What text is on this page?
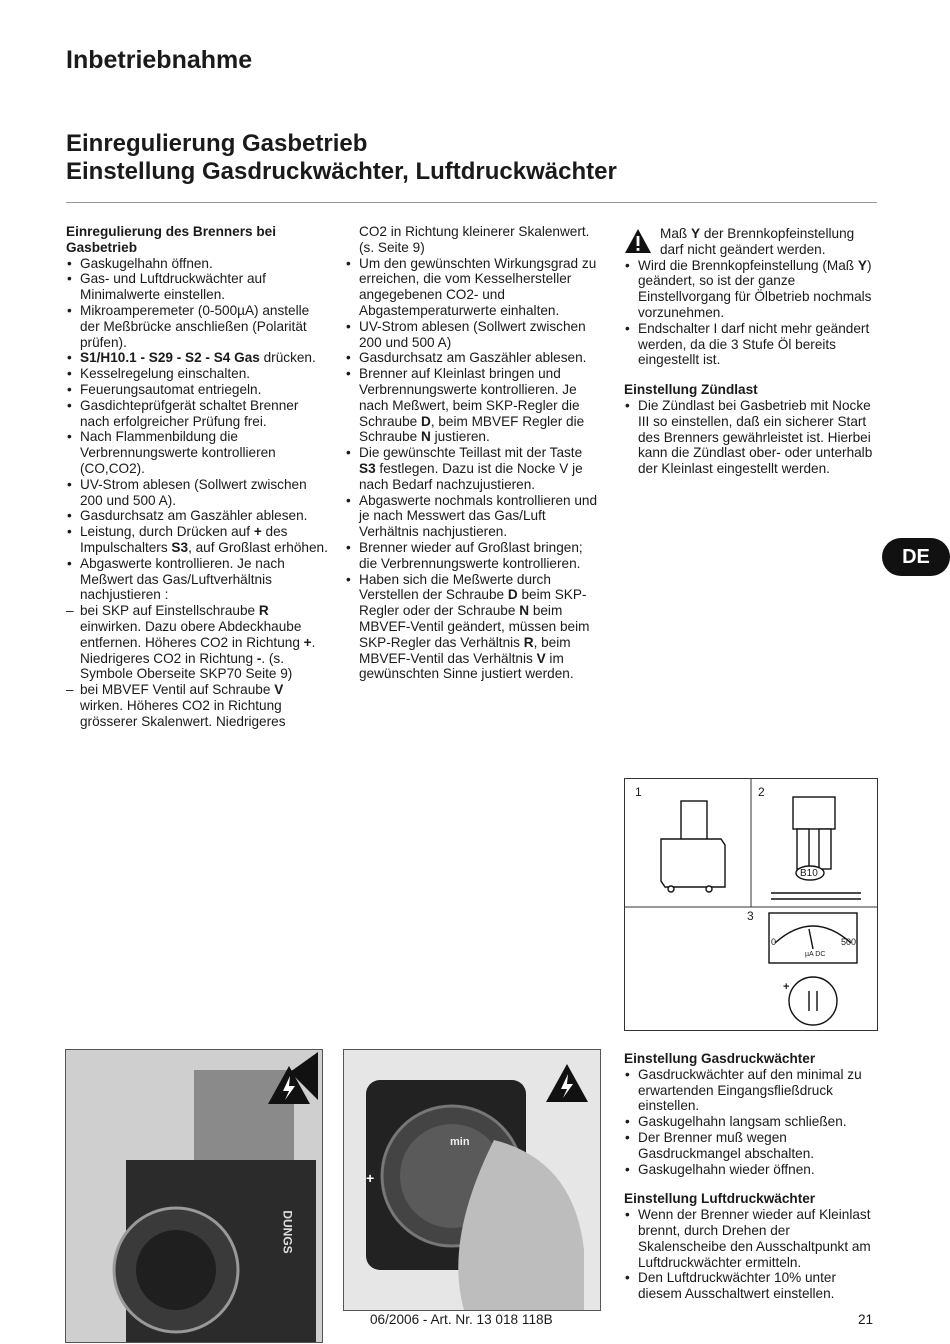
Inbetriebnahme
Einregulierung Gasbetrieb
Einstellung Gasdruckwächter, Luftdruckwächter

Einregulierung des Brenners bei Gasbetrieb

• Gaskugelhahn öffnen.
• Gas- und Luftdruckwächter auf Minimalwerte einstellen.
• Mikroamperemeter (0-500µA) anstelle der Meßbrücke anschließen (Polarität prüfen).
• S1/H10.1 - S29 - S2 - S4 Gas drücken.
• Kesselregelung einschalten.
• Feuerungsautomat entriegeln.
• Gasdichteprüfgerät schaltet Brenner nach erfolgreicher Prüfung frei.
• Nach Flammenbildung die Verbrennungswerte kontrollieren (CO,CO2).
• UV-Strom ablesen (Sollwert zwischen 200 und 500 A).
• Gasdurchsatz am Gaszähler ablesen.
• Leistung, durch Drücken auf + des Impulschalters S3, auf Großlast erhöhen.
• Abgaswerte kontrollieren. Je nach Meßwert das Gas/Luftverhältnis nachjustieren :
– bei SKP auf Einstellschraube R einwirken. Dazu obere Abdeckhaube entfernen. Höheres CO2 in Richtung +. Niedrigeres CO2 in Richtung -. (s. Symbole Oberseite SKP70 Seite 9)
– bei MBVEF Ventil auf Schraube V wirken. Höheres CO2 in Richtung grösserer Skalenwert. Niedrigeres

CO2 in Richtung kleinerer Skalenwert. (s. Seite 9)

• Um den gewünschten Wirkungsgrad zu erreichen, die vom Kesselhersteller angegebenen CO2- und Abgastemperaturwerte einhalten.
• UV-Strom ablesen (Sollwert zwischen 200 und 500 A)
• Gasdurchsatz am Gaszähler ablesen.
• Brenner auf Kleinlast bringen und Verbrennungswerte kontrollieren. Je nach Meßwert, beim SKP-Regler die Schraube D, beim MBVEF Regler die Schraube N justieren.
• Die gewünschte Teillast mit der Taste S3 festlegen. Dazu ist die Nocke V je nach Bedarf nachzujustieren.
• Abgaswerte nochmals kontrollieren und je nach Messwert das Gas/Luft Verhältnis nachjustieren.
• Brenner wieder auf Großlast bringen; die Verbrennungswerte kontrollieren.
• Haben sich die Meßwerte durch Verstellen der Schraube D beim SKP-Regler oder der Schraube N beim MBVEF-Ventil geändert, müssen beim SKP-Regler das Verhältnis R, beim MBVEF-Ventil das Verhältnis V im gewünschten Sinne justiert werden.
Maß Y der Brennkopfeinstellung darf nicht geändert werden.
• Wird die Brennkopfeinstellung (Maß Y) geändert, so ist der ganze Einstellvorgang für Ölbetrieb nochmals vorzunehmen.
• Endschalter I darf nicht mehr geändert werden, da die 3 Stufe Öl bereits eingestellt ist.

Einstellung Zündlast

• Die Zündlast bei Gasbetrieb mit Nocke III so einstellen, daß ein sicherer Start des Brenners gewährleistet ist. Hierbei kann die Zündlast ober- oder unterhalb der Kleinlast eingestellt werden.
DE
1	2
3
B10
0	500
µA DC
+
DUNGS
min
+

Einstellung Gasdruckwächter

• Gasdruckwächter auf den minimal zu erwartenden Eingangsfließdruck einstellen.
• Gaskugelhahn langsam schließen.
• Der Brenner muß wegen Gasdruckmangel abschalten.
• Gaskugelhahn wieder öffnen.

Einstellung Luftdruckwächter

• Wenn der Brenner wieder auf Kleinlast brennt, durch Drehen der Skalenscheibe den Ausschaltpunkt am Luftdruckwächter ermitteln.
• Den Luftdruckwächter 10% unter diesem Ausschaltwert einstellen.
06/2006 - Art. Nr. 13 018 118B	21
